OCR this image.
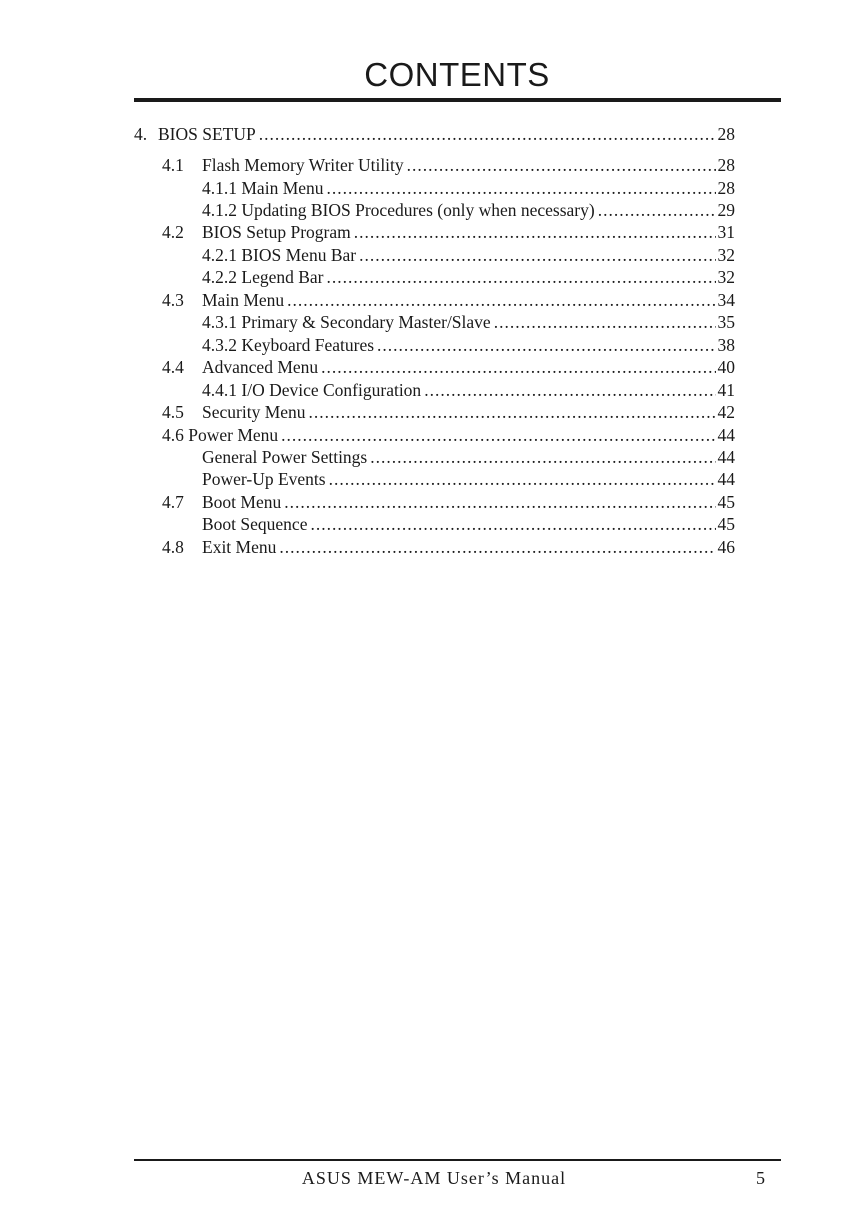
CONTENTS
4. BIOS SETUP .....	28
4.1	Flash Memory Writer Utility .....	28
4.1.1 Main Menu .....	28
4.1.2 Updating BIOS Procedures (only when necessary) .....	29
4.2	BIOS Setup Program .....	31
4.2.1 BIOS Menu Bar .....	32
4.2.2 Legend Bar .....	32
4.3	Main Menu .....	34
4.3.1 Primary & Secondary Master/Slave .....	35
4.3.2 Keyboard Features .....	38
4.4	Advanced Menu .....	40
4.4.1 I/O Device Configuration .....	41
4.5	Security Menu .....	42
4.6 Power Menu .....	44
General Power Settings .....	44
Power-Up Events .....	44
4.7	Boot Menu .....	45
Boot Sequence .....	45
4.8	Exit Menu .....	46
ASUS MEW-AM User’s Manual	5
